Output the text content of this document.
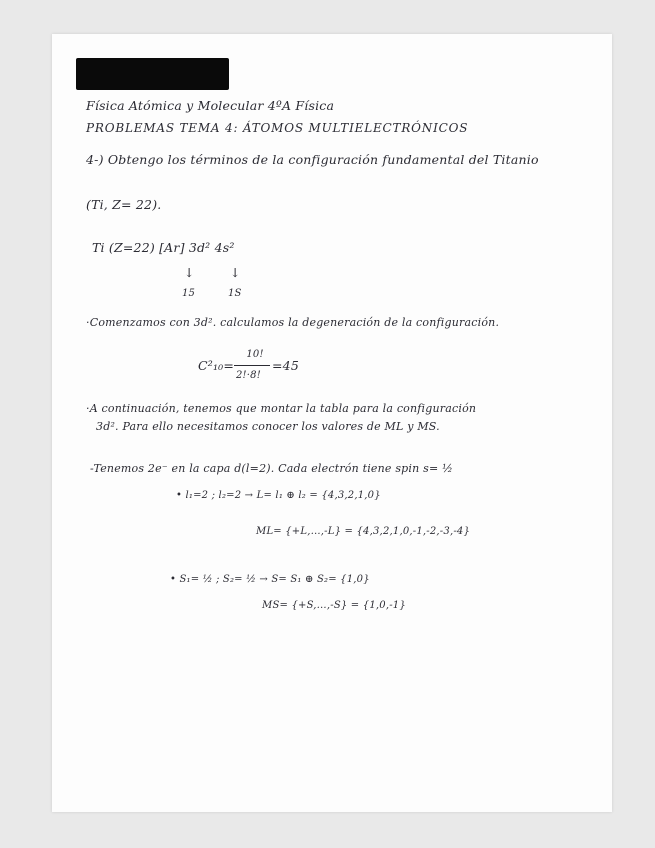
Física Atómica y Molecular 4ºA Física
PROBLEMAS TEMA 4: ÁTOMOS MULTIELECTRÓNICOS
4-) Obtengo los términos de la configuración fundamental del Titanio
(Ti, Z= 22).
Ti (Z=22) [Ar] 3d² 4s²
↓	↓
15	1S
·Comenzamos con 3d². calculamos la degeneración de la configuración.
C²₁₀=
10!
2!·8!
=45
·A continuación, tenemos que montar la tabla para la configuración
3d². Para ello necesitamos conocer los valores de ML y MS.
-Tenemos 2e⁻ en la capa d(l=2). Cada electrón tiene spin s= ½
• l₁=2 ; l₂=2 → L= l₁ ⊕ l₂ = {4,3,2,1,0}
ML= {+L,…,-L} = {4,3,2,1,0,-1,-2,-3,-4}
• S₁= ½ ; S₂= ½ → S= S₁ ⊕ S₂= {1,0}
MS= {+S,…,-S} = {1,0,-1}
